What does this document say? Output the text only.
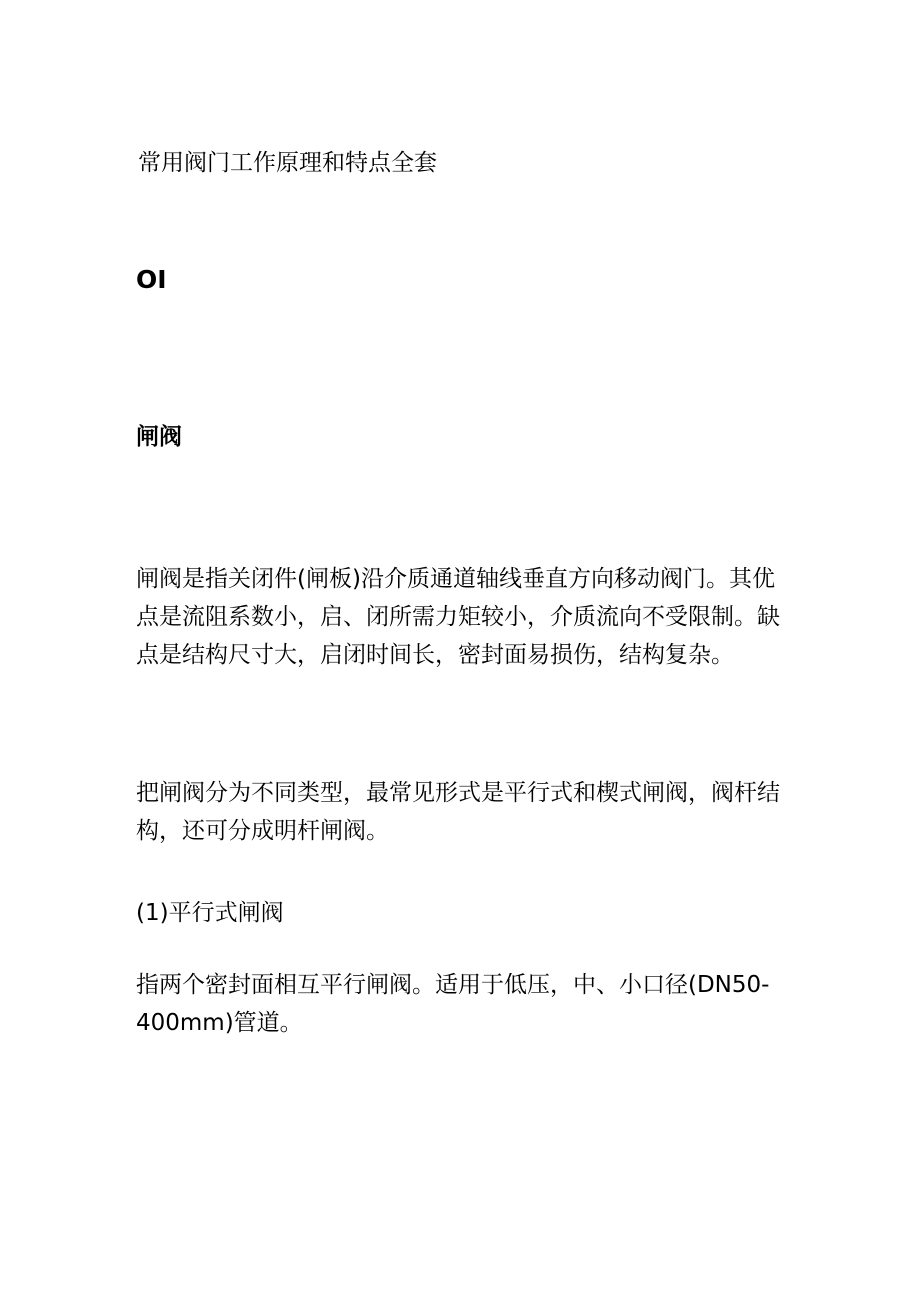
常用阀门工作原理和特点全套
OI
闸阀

闸阀是指关闭件(闸板)沿介质通道轴线垂直方向移动阀门。其优点是流阻系数小，启、闭所需力矩较小，介质流向不受限制。缺点是结构尺寸大，启闭时间长，密封面易损伤，结构复杂。

把闸阀分为不同类型，最常见形式是平行式和楔式闸阀，阀杆结构，还可分成明杆闸阀。

(1)平行式闸阀

指两个密封面相互平行闸阀。适用于低压，中、小口径(DN50-400mm)管道。
